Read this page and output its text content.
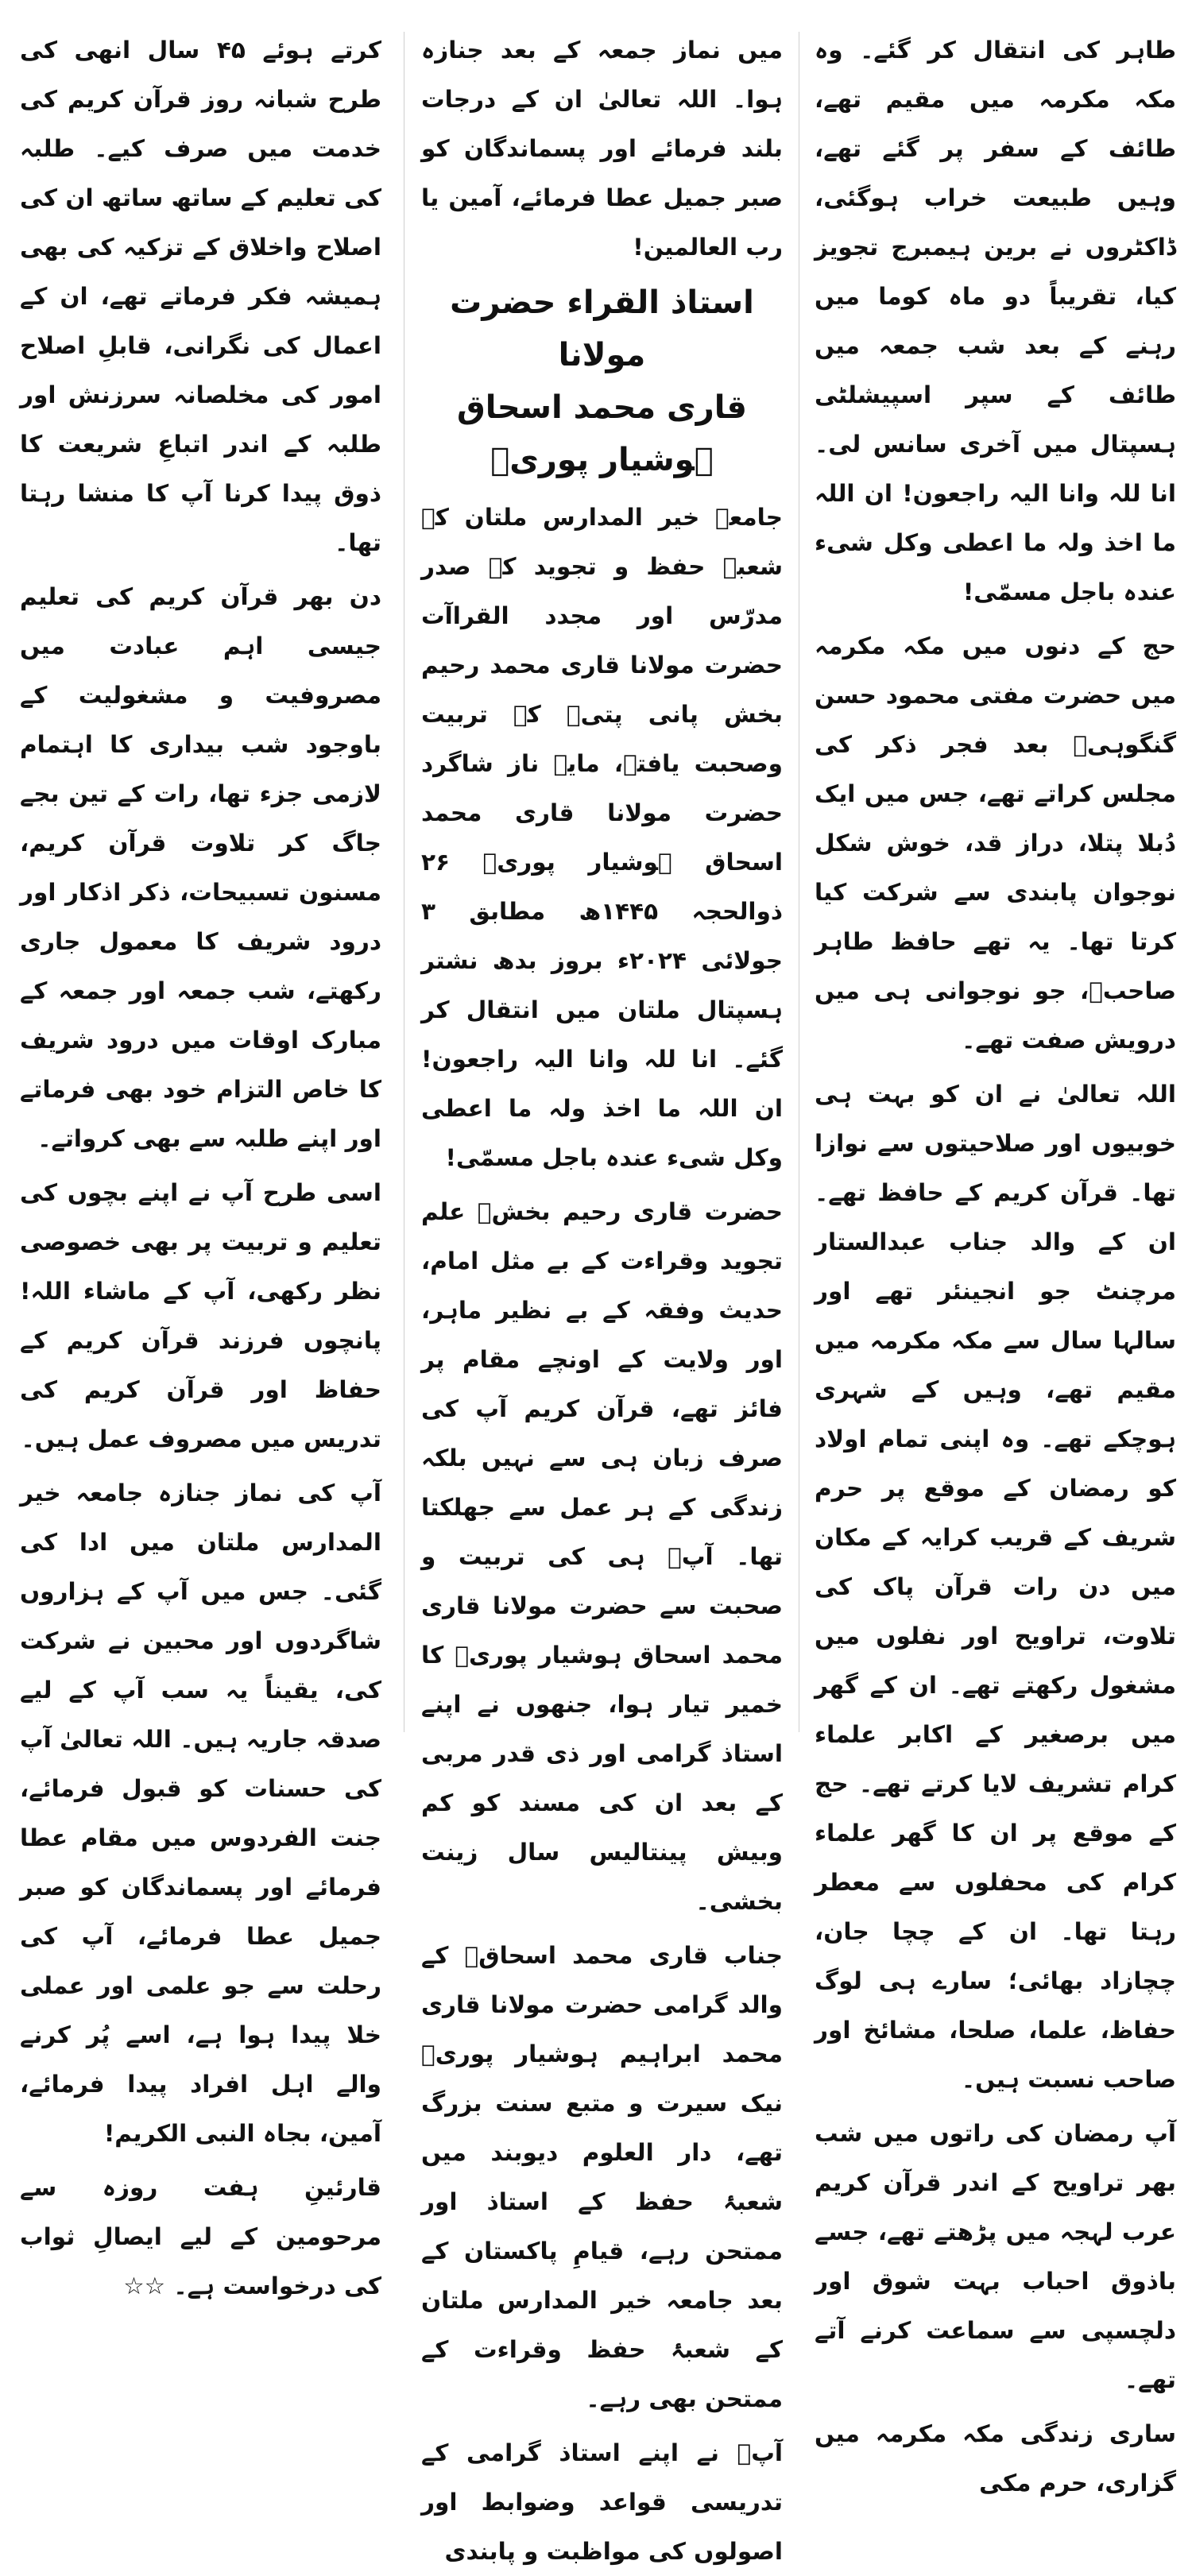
طاہر کی انتقال کر گئے۔ وہ مکہ مکرمہ میں مقیم تھے، طائف کے سفر پر گئے تھے، وہیں طبیعت خراب ہوگئی، ڈاکٹروں نے برین ہیمبرج تجویز کیا، تقریباً دو ماہ کوما میں رہنے کے بعد شب جمعہ میں طائف کے سپر اسپیشلٹی ہسپتال میں آخری سانس لی۔ انا للہ وانا الیہ راجعون! ان اللہ ما اخذ ولہ ما اعطی وکل شیء عندہ باجل مسمّی!

حج کے دنوں میں مکہ مکرمہ میں حضرت مفتی محمود حسن گنگوہیؒ بعد فجر ذکر کی مجلس کراتے تھے، جس میں ایک دُبلا پتلا، دراز قد، خوش شکل نوجوان پابندی سے شرکت کیا کرتا تھا۔ یہ تھے حافظ طاہر صاحبؒ، جو نوجوانی ہی میں درویش صفت تھے۔

اللہ تعالیٰ نے ان کو بہت ہی خوبیوں اور صلاحیتوں سے نوازا تھا۔ قرآن کریم کے حافظ تھے۔ ان کے والد جناب عبدالستار مرچنٹ جو انجینئر تھے اور سالہا سال سے مکہ مکرمہ میں مقیم تھے، وہیں کے شہری ہوچکے تھے۔ وہ اپنی تمام اولاد کو رمضان کے موقع پر حرم شریف کے قریب کرایہ کے مکان میں دن رات قرآن پاک کی تلاوت، تراویح اور نفلوں میں مشغول رکھتے تھے۔ ان کے گھر میں برصغیر کے اکابر علماء کرام تشریف لایا کرتے تھے۔ حج کے موقع پر ان کا گھر علماء کرام کی محفلوں سے معطر رہتا تھا۔ ان کے چچا جان، چچازاد بھائی؛ سارے ہی لوگ حفاظ، علما، صلحا، مشائخ اور صاحب نسبت ہیں۔

آپ رمضان کی راتوں میں شب بھر تراویح کے اندر قرآن کریم عرب لہجہ میں پڑھتے تھے، جسے باذوق احباب بہت شوق اور دلچسپی سے سماعت کرنے آتے تھے۔

ساری زندگی مکہ مکرمہ میں گزاری، حرم مکی

میں نماز جمعہ کے بعد جنازہ ہوا۔ اللہ تعالیٰ ان کے درجات بلند فرمائے اور پسماندگان کو صبر جمیل عطا فرمائے، آمین یا رب العالمین!

استاذ القراء حضرت مولانا
قاری محمد اسحاق ہوشیار پوریؒ

جامعہ خیر المدارس ملتان کے شعبۂ حفظ و تجوید کے صدر مدرّس اور مجدد القراآت حضرت مولانا قاری محمد رحیم بخش پانی پتیؒ کے تربیت وصحبت یافتہ، مایہ ناز شاگرد حضرت مولانا قاری محمد اسحاق ہوشیار پوریؒ ۲۶ ذوالحجہ ۱۴۴۵ھ مطابق ۳ جولائی ۲۰۲۴ء بروز بدھ نشتر ہسپتال ملتان میں انتقال کر گئے۔ انا للہ وانا الیہ راجعون! ان اللہ ما اخذ ولہ ما اعطی وکل شیء عندہ باجل مسمّی!

حضرت قاری رحیم بخشؒ علم تجوید وقراءت کے بے مثل امام، حدیث وفقہ کے بے نظیر ماہر، اور ولایت کے اونچے مقام پر فائز تھے، قرآن کریم آپ کی صرف زبان ہی سے نہیں بلکہ زندگی کے ہر عمل سے جھلکتا تھا۔ آپؒ ہی کی تربیت و صحبت سے حضرت مولانا قاری محمد اسحاق ہوشیار پوریؒ کا خمیر تیار ہوا، جنھوں نے اپنے استاذ گرامی اور ذی قدر مربی کے بعد ان کی مسند کو کم وبیش پینتالیس سال زینت بخشی۔

جناب قاری محمد اسحاقؒ کے والد گرامی حضرت مولانا قاری محمد ابراہیم ہوشیار پوریؒ نیک سیرت و متبع سنت بزرگ تھے، دار العلوم دیوبند میں شعبۂ حفظ کے استاذ اور ممتحن رہے، قیامِ پاکستان کے بعد جامعہ خیر المدارس ملتان کے شعبۂ حفظ وقراءت کے ممتحن بھی رہے۔

آپؒ نے اپنے استاذ گرامی کے تدریسی قواعد وضوابط اور اصولوں کی مواظبت و پابندی

کرتے ہوئے ۴۵ سال انھی کی طرح شبانہ روز قرآن کریم کی خدمت میں صرف کیے۔ طلبہ کی تعلیم کے ساتھ ساتھ ان کی اصلاح واخلاق کے تزکیہ کی بھی ہمیشہ فکر فرماتے تھے، ان کے اعمال کی نگرانی، قابلِ اصلاح امور کی مخلصانہ سرزنش اور طلبہ کے اندر اتباعِ شریعت کا ذوق پیدا کرنا آپ کا منشا رہتا تھا۔

دن بھر قرآن کریم کی تعلیم جیسی اہم عبادت میں مصروفیت و مشغولیت کے باوجود شب بیداری کا اہتمام لازمی جزء تھا، رات کے تین بجے جاگ کر تلاوت قرآن کریم، مسنون تسبیحات، ذکر اذکار اور درود شریف کا معمول جاری رکھتے، شب جمعہ اور جمعہ کے مبارک اوقات میں درود شریف کا خاص التزام خود بھی فرماتے اور اپنے طلبہ سے بھی کرواتے۔

اسی طرح آپ نے اپنے بچوں کی تعلیم و تربیت پر بھی خصوصی نظر رکھی، آپ کے ماشاء اللہ! پانچوں فرزند قرآن کریم کے حفاظ اور قرآن کریم کی تدریس میں مصروف عمل ہیں۔

آپ کی نماز جنازہ جامعہ خیر المدارس ملتان میں ادا کی گئی۔ جس میں آپ کے ہزاروں شاگردوں اور محبین نے شرکت کی، یقیناً یہ سب آپ کے لیے صدقہ جاریہ ہیں۔ اللہ تعالیٰ آپ کی حسنات کو قبول فرمائے، جنت الفردوس میں مقام عطا فرمائے اور پسماندگان کو صبر جمیل عطا فرمائے، آپ کی رحلت سے جو علمی اور عملی خلا پیدا ہوا ہے، اسے پُر کرنے والے اہل افراد پیدا فرمائے، آمین، بجاہ النبی الکریم!

قارئینِ ہفت روزہ سے مرحومین کے لیے ایصالِ ثواب کی درخواست ہے۔ ☆☆
